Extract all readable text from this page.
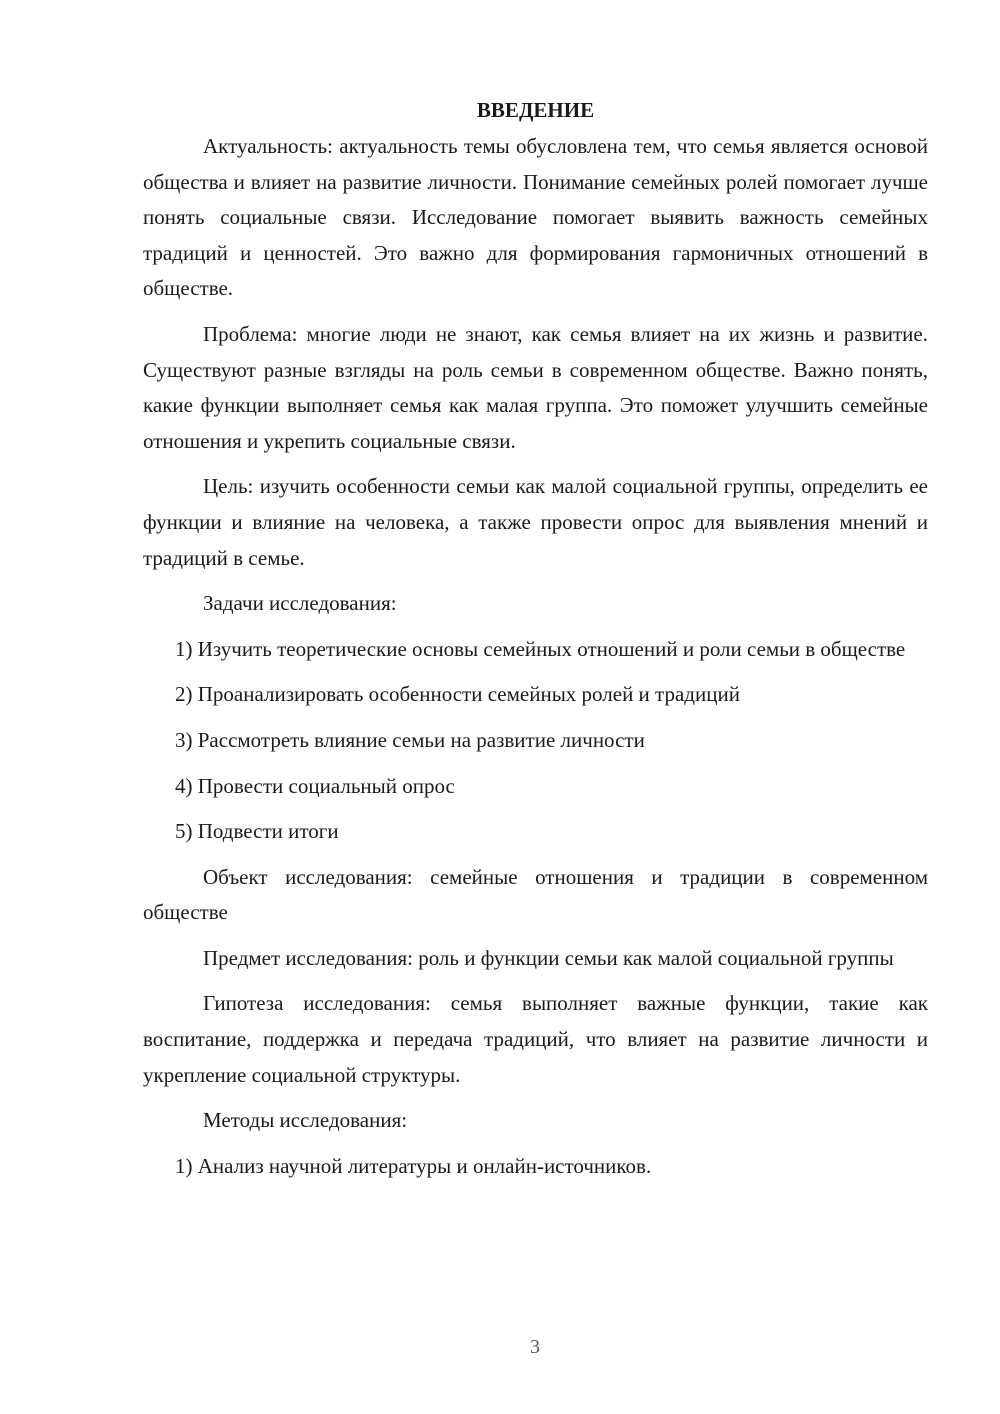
ВВЕДЕНИЕ

Актуальность: актуальность темы обусловлена тем, что семья является основой общества и влияет на развитие личности. Понимание семейных ролей помогает лучше понять социальные связи. Исследование помогает выявить важность семейных традиций и ценностей. Это важно для формирования гармоничных отношений в обществе.

Проблема: многие люди не знают, как семья влияет на их жизнь и развитие. Существуют разные взгляды на роль семьи в современном обществе. Важно понять, какие функции выполняет семья как малая группа. Это поможет улучшить семейные отношения и укрепить социальные связи.

Цель: изучить особенности семьи как малой социальной группы, определить ее функции и влияние на человека, а также провести опрос для выявления мнений и традиций в семье.

Задачи исследования:

1) Изучить теоретические основы семейных отношений и роли семьи в обществе

2) Проанализировать особенности семейных ролей и традиций

3) Рассмотреть влияние семьи на развитие личности

4) Провести социальный опрос

5) Подвести итоги

Объект исследования: семейные отношения и традиции в современном обществе

Предмет исследования: роль и функции семьи как малой социальной группы

Гипотеза исследования: семья выполняет важные функции, такие как воспитание, поддержка и передача традиций, что влияет на развитие личности и укрепление социальной структуры.

Методы исследования:

1) Анализ научной литературы и онлайн-источников.

3
